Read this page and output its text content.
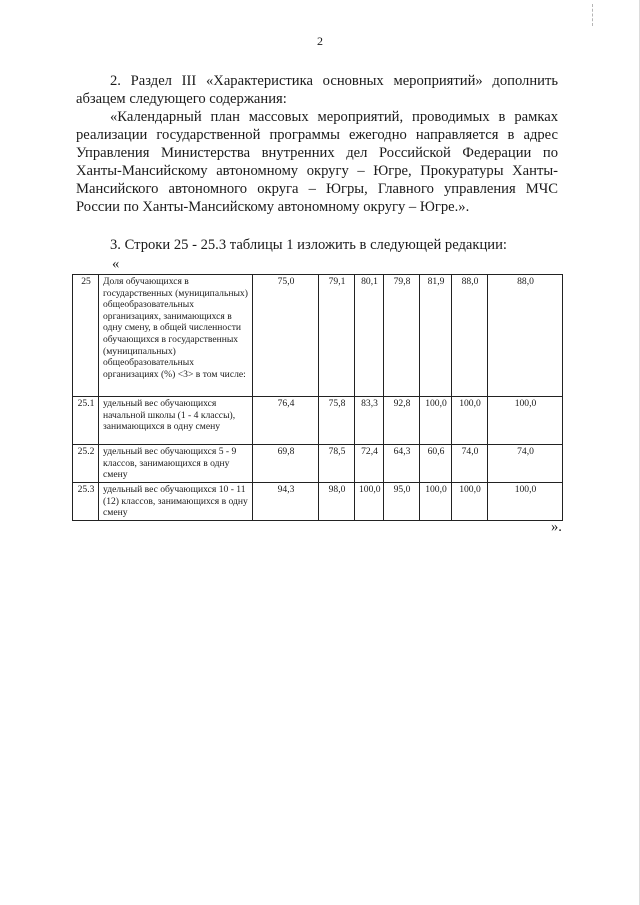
2

2. Раздел III «Характеристика основных мероприятий» дополнить абзацем следующего содержания:

«Календарный план массовых мероприятий, проводимых в рамках реализации государственной программы ежегодно направляется в адрес Управления Министерства внутренних дел Российской Федерации по Ханты-Мансийскому автономному округу – Югре, Прокуратуры Ханты-Мансийского автономного округа – Югры, Главного управления МЧС России по Ханты-Мансийскому автономному округу – Югре.».

3. Строки 25 - 25.3 таблицы 1 изложить в следующей редакции:

«
25	Доля обучающихся в государственных (муниципальных) общеобразовательных организациях, занимающихся в одну смену, в общей численности обучающихся в государственных (муниципальных) общеобразовательных организациях (%) <3> в том числе:	75,0	79,1	80,1	79,8	81,9	88,0	88,0
25.1	удельный вес обучающихся начальной школы (1 - 4 классы), занимающихся в одну смену	76,4	75,8	83,3	92,8	100,0	100,0	100,0
25.2	удельный вес обучающихся 5 - 9 классов, занимающихся в одну смену	69,8	78,5	72,4	64,3	60,6	74,0	74,0
25.3	удельный вес обучающихся 10 - 11 (12) классов, занимающихся в одну смену	94,3	98,0	100,0	95,0	100,0	100,0	100,0
».
